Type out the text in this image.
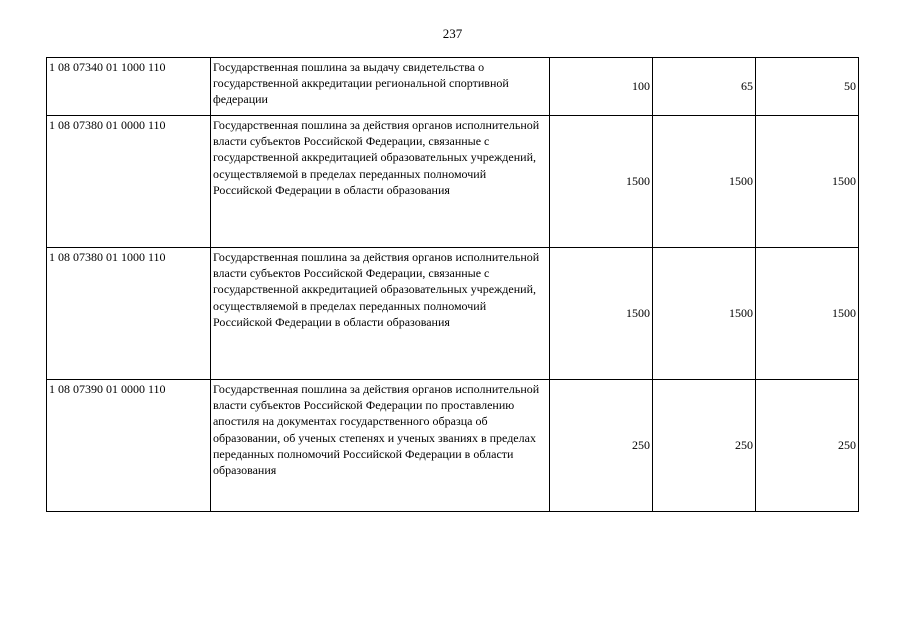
237
1 08 07340 01 1000 110	Государственная пошлина за выдачу свидетельства о государственной аккредитации региональной спортивной федерации	100	65	50
1 08 07380 01 0000 110	Государственная пошлина за действия органов исполнительной власти субъектов Российской Федерации, связанные с государственной аккредитацией образовательных учреждений, осуществляемой в пределах переданных полномочий Российской Федерации в области образования	1500	1500	1500
1 08 07380 01 1000 110	Государственная пошлина за действия органов исполнительной власти субъектов Российской Федерации, связанные с государственной аккредитацией образовательных учреждений, осуществляемой в пределах переданных полномочий Российской Федерации в области образования	1500	1500	1500
1 08 07390 01 0000 110	Государственная пошлина за действия органов исполнительной власти субъектов Российской Федерации по проставлению апостиля на документах государственного образца об образовании, об ученых степенях и ученых званиях в пределах переданных полномочий Российской Федерации в области образования	250	250	250
